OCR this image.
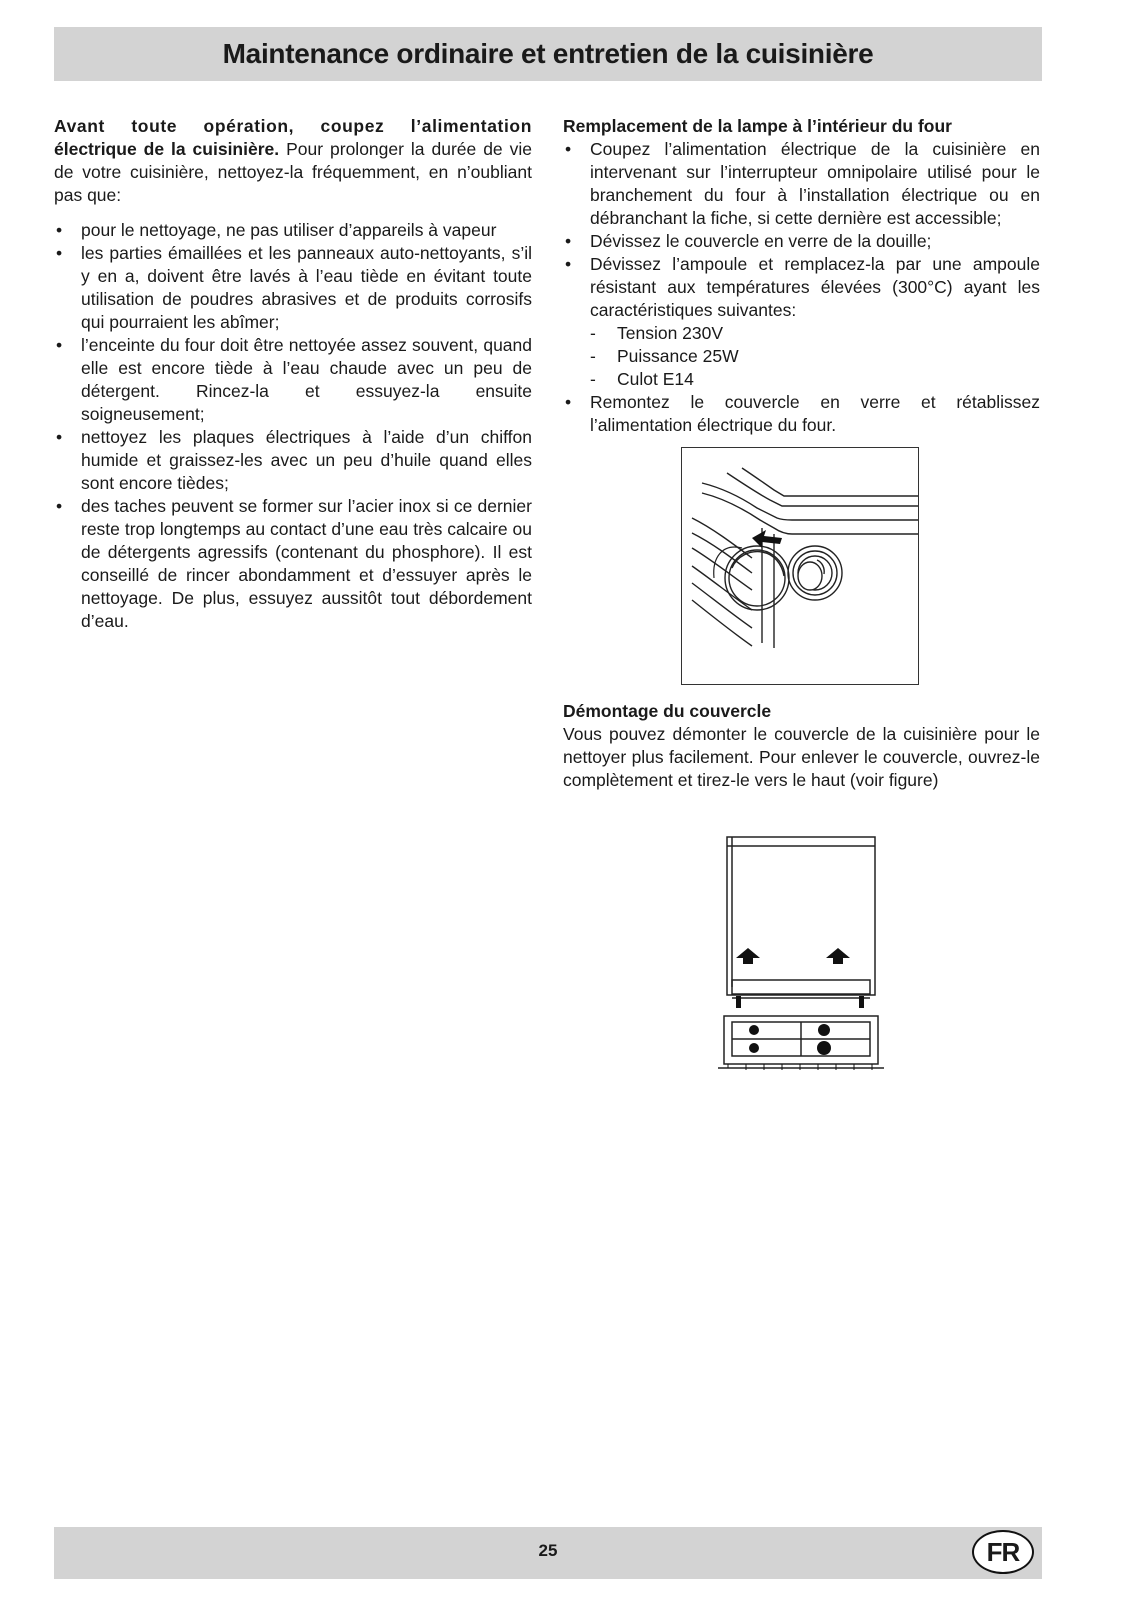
Maintenance ordinaire et entretien de la cuisinière

Avant toute opération, coupez l’alimentation électrique de la cuisinière. Pour prolonger la durée de vie de votre cuisinière, nettoyez-la fréquemment, en n’oubliant pas que:

•	pour le nettoyage, ne pas utiliser d’appareils à vapeur
•	les parties émaillées et les panneaux auto-nettoyants, s’il y en a, doivent être lavés à l’eau tiède en évitant toute utilisation de poudres abrasives et de produits corrosifs qui pourraient les abîmer;
•	l’enceinte du four doit être nettoyée assez souvent, quand elle est encore tiède à l’eau chaude avec un peu de détergent. Rincez-la et essuyez-la ensuite soigneusement;
•	nettoyez les plaques électriques à l’aide d’un chiffon humide et graissez-les avec un peu d’huile quand elles sont encore tièdes;
•	des taches peuvent se former sur l’acier inox si ce dernier reste trop longtemps au contact d’une eau très calcaire ou de détergents agressifs (contenant du phosphore). Il est conseillé de rincer abondamment et d’essuyer après le nettoyage. De plus, essuyez aussitôt tout débordement d’eau.
Remplacement de la lampe à l’intérieur du four
•	Coupez l’alimentation électrique de la cuisinière en intervenant sur l’interrupteur omnipolaire utilisé pour le branchement du four à l’installation électrique ou en débranchant la fiche, si cette dernière est accessible;
•	Dévissez le couvercle en verre de la douille;
•	Dévissez l’ampoule et remplacez-la par une ampoule résistant aux températures élevées (300°C) ayant les caractéristiques suivantes:
- Tension 230V
- Puissance 25W
- Culot E14
•	Remontez le couvercle en verre et rétablissez l’alimentation électrique du four.
Démontage du couvercle

Vous pouvez démonter le couvercle de la cuisinière pour le nettoyer plus facilement. Pour enlever le couvercle, ouvrez-le complètement et tirez-le vers le haut (voir figure)

25	FR
